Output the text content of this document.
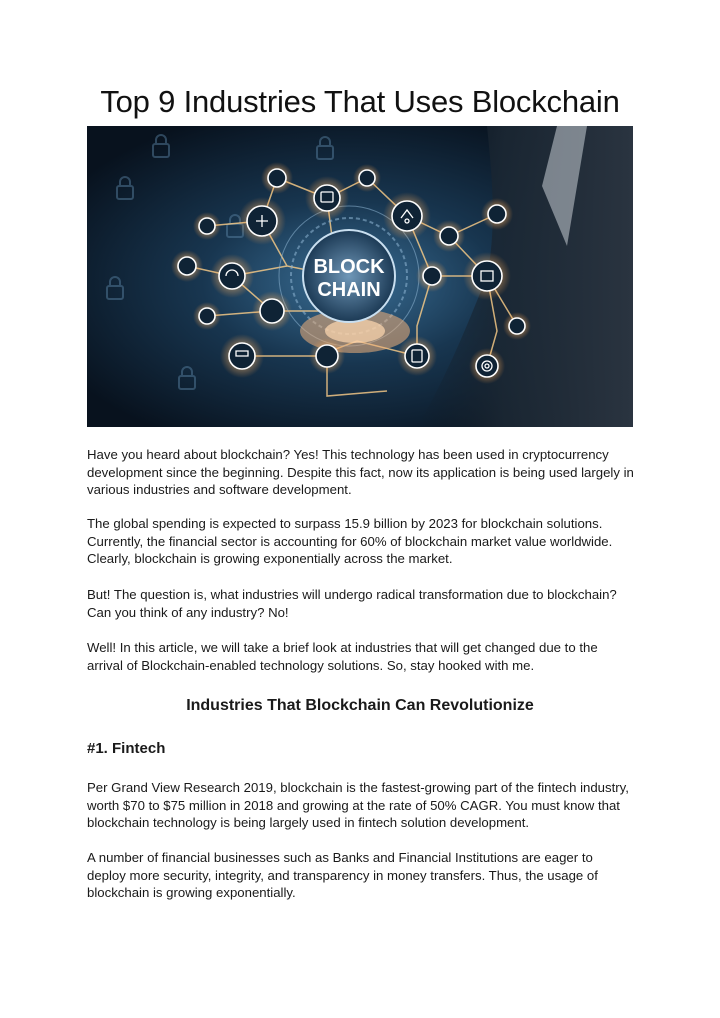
Top 9 Industries That Uses Blockchain
BLOCK
CHAIN

Have you heard about blockchain? Yes! This technology has been used in cryptocurrency development since the beginning. Despite this fact, now its application is being used largely in various industries and software development.

The global spending is expected to surpass 15.9 billion by 2023 for blockchain solutions. Currently, the financial sector is accounting for 60% of blockchain market value worldwide. Clearly, blockchain is growing exponentially across the market.

But! The question is, what industries will undergo radical transformation due to blockchain? Can you think of any industry? No!

Well! In this article, we will take a brief look at industries that will get changed due to the arrival of Blockchain-enabled technology solutions. So, stay hooked with me.

Industries That Blockchain Can Revolutionize
#1. Fintech

Per Grand View Research 2019, blockchain is the fastest-growing part of the fintech industry, worth $70 to $75 million in 2018 and growing at the rate of 50% CAGR. You must know that blockchain technology is being largely used in fintech solution development.

A number of financial businesses such as Banks and Financial Institutions are eager to deploy more security, integrity, and transparency in money transfers. Thus, the usage of blockchain is growing exponentially.
